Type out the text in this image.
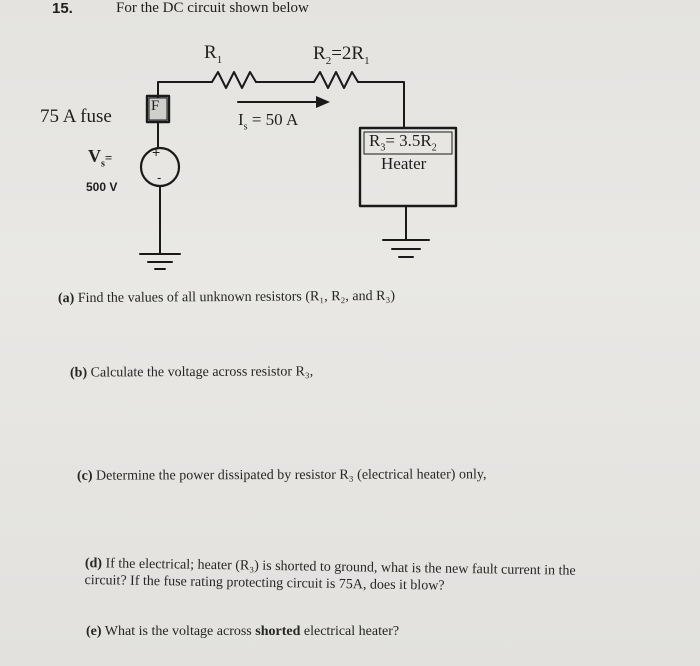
15.	For the DC circuit shown below
$R_1$	$R_2=2R_1$
75 A fuse	F
$I_s = 50$ A
$R_3= 3.5R_2$
Heater
$V_s=$
500 V
+
-
(a) Find the values of all unknown resistors (R₁, R₂, and R₃)
(b) Calculate the voltage across resistor R₃,
(c) Determine the power dissipated by resistor R₃ (electrical heater) only,
(d) If the electrical; heater (R₃) is shorted to ground, what is the new fault current in the
circuit? If the fuse rating protecting circuit is 75A, does it blow?
(e) What is the voltage across shorted electrical heater?
